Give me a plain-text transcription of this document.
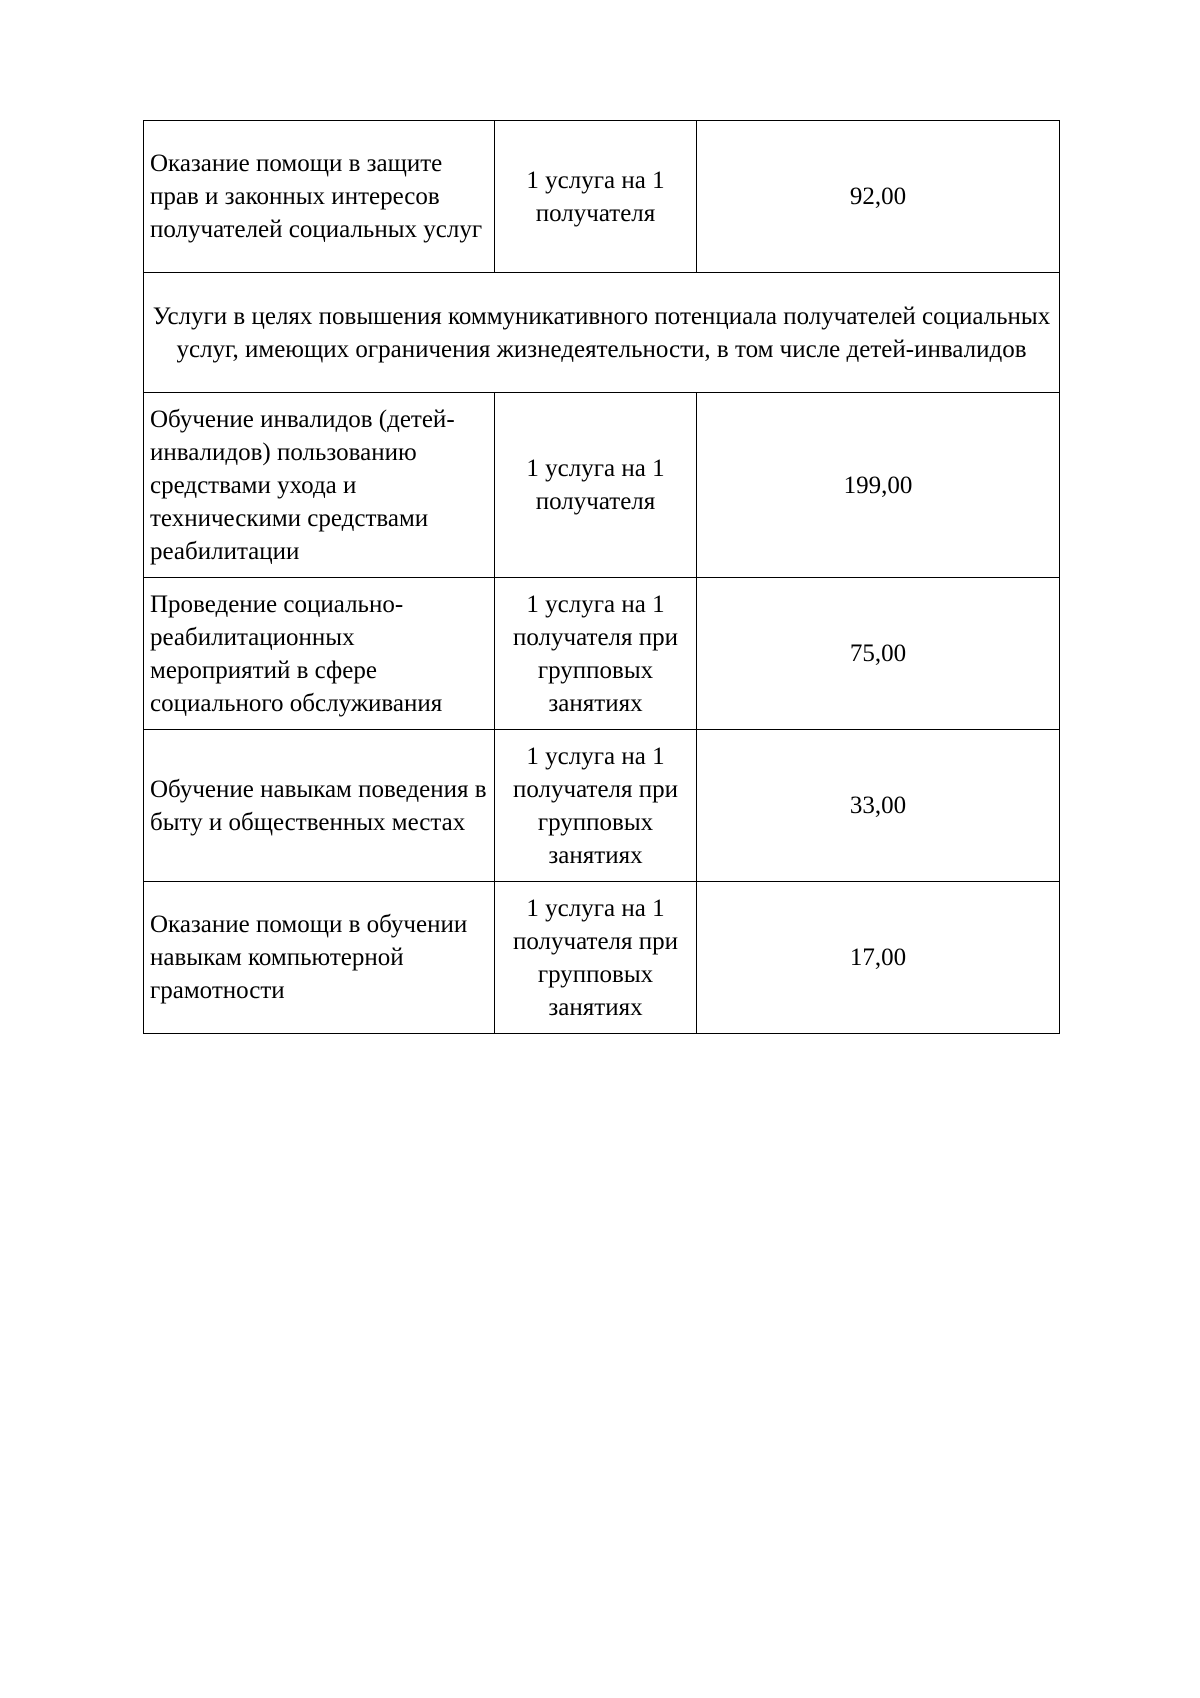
Оказание помощи в защите прав и законных интересов получателей социальных услуг	1 услуга на 1 получателя	92,00
Услуги в целях повышения коммуникативного потенциала получателей социальных услуг, имеющих ограничения жизнедеятельности, в том числе детей-инвалидов		
Обучение инвалидов (детей-инвалидов) пользованию средствами ухода и техническими средствами реабилитации	1 услуга на 1 получателя	199,00
Проведение социально-реабилитационных мероприятий в сфере социального обслуживания	1 услуга на 1 получателя при групповых занятиях	75,00
Обучение навыкам поведения в быту и общественных местах	1 услуга на 1 получателя при групповых занятиях	33,00
Оказание помощи в обучении навыкам компьютерной грамотности	1 услуга на 1 получателя при групповых занятиях	17,00
